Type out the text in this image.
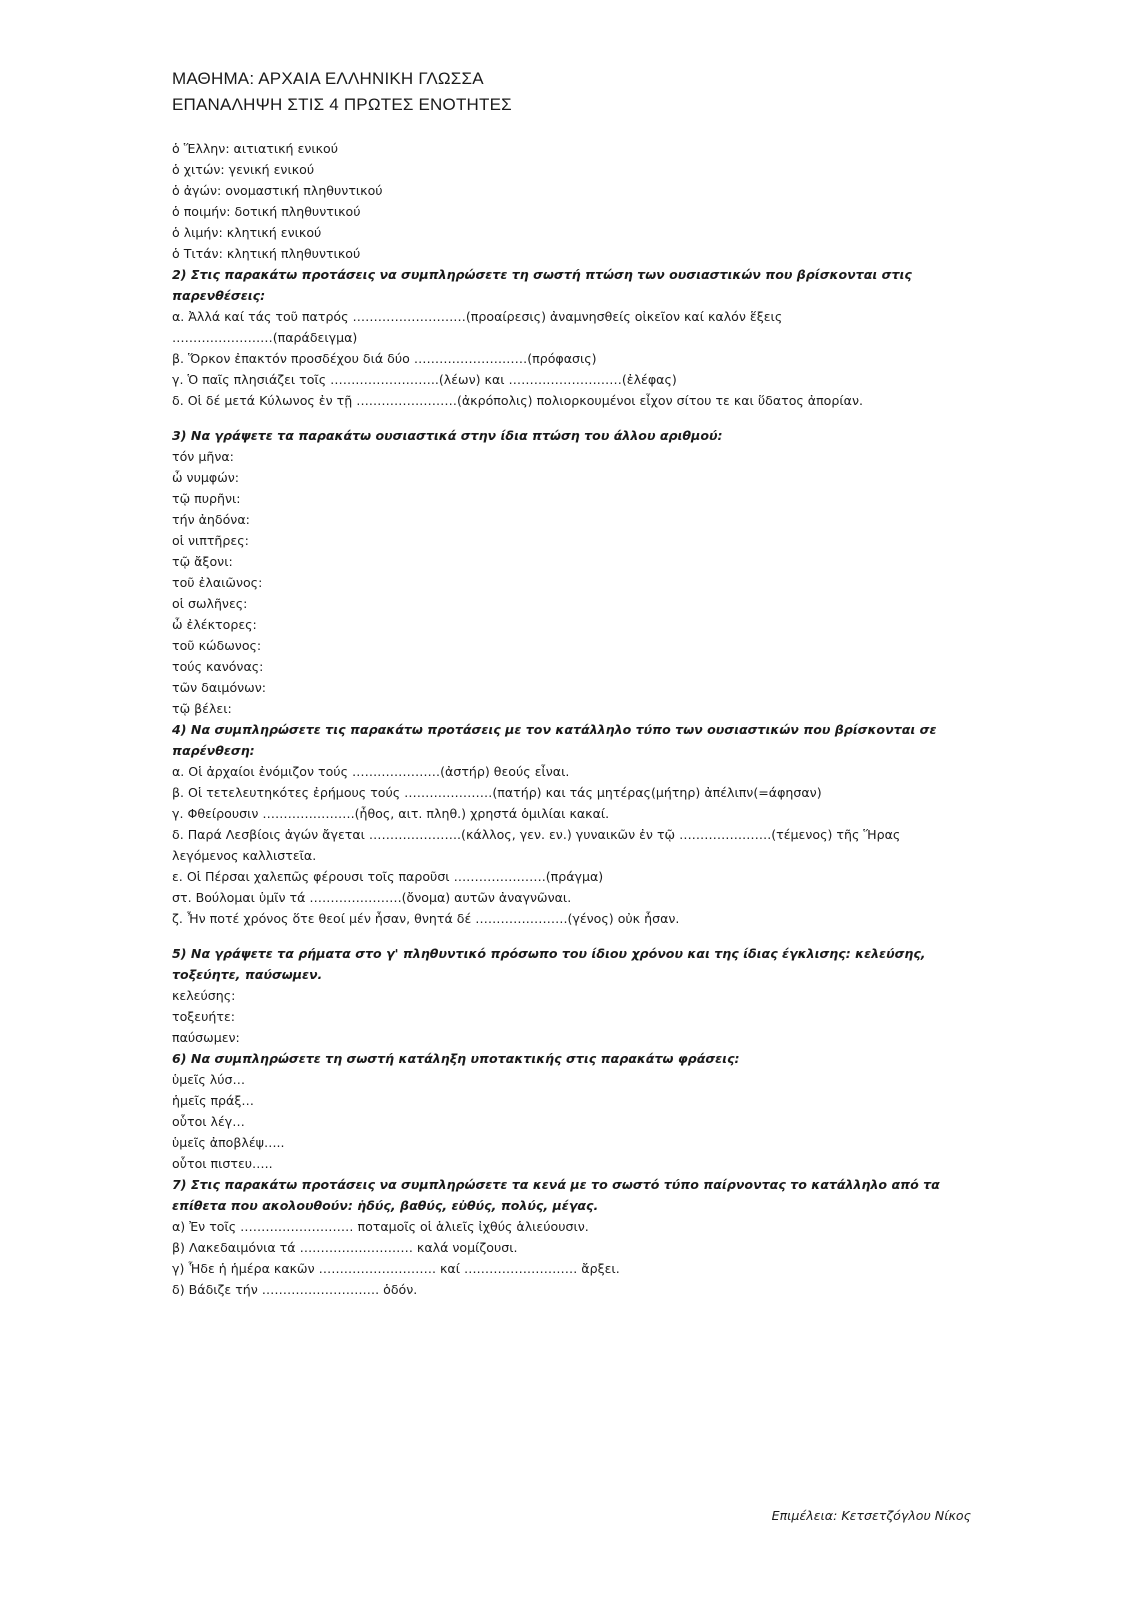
ΜΑΘΗΜΑ: ΑΡΧΑΙΑ ΕΛΛΗΝΙΚΗ ΓΛΩΣΣΑ
ΕΠΑΝΑΛΗΨΗ ΣΤΙΣ 4 ΠΡΩΤΕΣ ΕΝΟΤΗΤΕΣ
ὁ Ἕλλην: αιτιατική ενικού
ὁ χιτών: γενική ενικού
ὁ ἀγών: ονομαστική πληθυντικού
ὁ ποιμήν: δοτική πληθυντικού
ὁ λιμήν: κλητική ενικού
ὁ Τιτάν: κλητική πληθυντικού
2) Στις παρακάτω προτάσεις να συμπληρώσετε τη σωστή πτώση των ουσιαστικών που βρίσκονται στις
παρενθέσεις:
α. Ἀλλά καί τάς τοῦ πατρός ………………………(προαίρεσις) ἀναμνησθείς οἰκεῖον καί καλόν ἕξεις
……………………(παράδειγμα)
β. Ὅρκον ἐπακτόν προσδέχου διά δύο ………………………(πρόφασις)
γ. Ὁ παῖς πλησιάζει τοῖς ……………………..(λέων) και ………………………(ἐλέφας)
δ. Οἱ δέ μετά Κύλωνος ἐν τῇ ……………………(ἀκρόπολις) πολιορκουμένοι εἶχον σίτου τε και ὕδατος ἀπορίαν.
3) Να γράψετε τα παρακάτω ουσιαστικά στην ίδια πτώση του άλλου αριθμού:
τόν μῆνα:
ὦ νυμφών:
τῷ πυρῆνι:
τήν ἀηδόνα:
οἱ νιπτῆρες:
τῷ ἄξονι:
τοῦ ἐλαιῶνος:
οἱ σωλῆνες:
ὦ ἐλέκτορες:
τοῦ κώδωνος:
τούς κανόνας:
τῶν δαιμόνων:
τῷ βέλει:
4) Να συμπληρώσετε τις παρακάτω προτάσεις με τον κατάλληλο τύπο των ουσιαστικών που βρίσκονται σε
παρένθεση:
α. Οἱ ἀρχαίοι ἐνόμιζον τούς …………………(ἀστήρ) θεούς εἶναι.
β. Οἱ τετελευτηκότες ἐρήμους τούς …………………(πατήρ) και τάς μητέρας(μήτηρ) ἀπέλιπν(=άφησαν)
γ. Φθείρουσιν ………………….(ἦθος, αιτ. πληθ.) χρηστά ὁμιλίαι κακαί.
δ. Παρά Λεσβίοις ἀγών ἄγεται ………………….(κάλλος, γεν. εν.) γυναικῶν ἐν τῷ ………………….(τέμενος) τῆς Ἥρας
λεγόμενος καλλιστεῖα.
ε. Οἱ Πέρσαι χαλεπῶς φέρουσι τοῖς παροῦσι ………………….(πράγμα)
στ. Βούλομαι ὑμῖν τά ………………….(ὄνομα) αυτῶν ἀναγνῶναι.
ζ. Ἦν ποτέ χρόνος ὅτε θεοί μέν ἦσαν, θνητά δέ ………………….(γένος) οὐκ ἦσαν.
5) Να γράψετε τα ρήματα στο γ' πληθυντικό πρόσωπο του ίδιου χρόνου και της ίδιας έγκλισης: κελεύσης,
τοξεύητε, παύσωμεν.
κελεύσης:
τοξευήτε:
παύσωμεν:
6) Να συμπληρώσετε τη σωστή κατάληξη υποτακτικής στις παρακάτω φράσεις:
ὑμεῖς λύσ…
ἡμεῖς πράξ…
οὗτοι λέγ…
ὑμεῖς ἀποβλέψ…..
οὗτοι πιστευ…..
7) Στις παρακάτω προτάσεις να συμπληρώσετε τα κενά με το σωστό τύπο παίρνοντας το κατάλληλο από τα
επίθετα που ακολουθούν: ἡδύς, βαθύς, εὐθύς, πολύς, μέγας.
α) Ἐν τοῖς ……………………… ποταμοῖς οἱ ἁλιεῖς ἰχθύς ἁλιεύουσιν.
β) Λακεδαιμόνια τά ……………………… καλά νομίζουσι.
γ) Ἧδε ἡ ἡμέρα κακῶν ………………………. καί ……………………… ἄρξει.
δ) Βάδιζε τήν ………………………. ὁδόν.
Επιμέλεια: Κετσετζόγλου Νίκος
